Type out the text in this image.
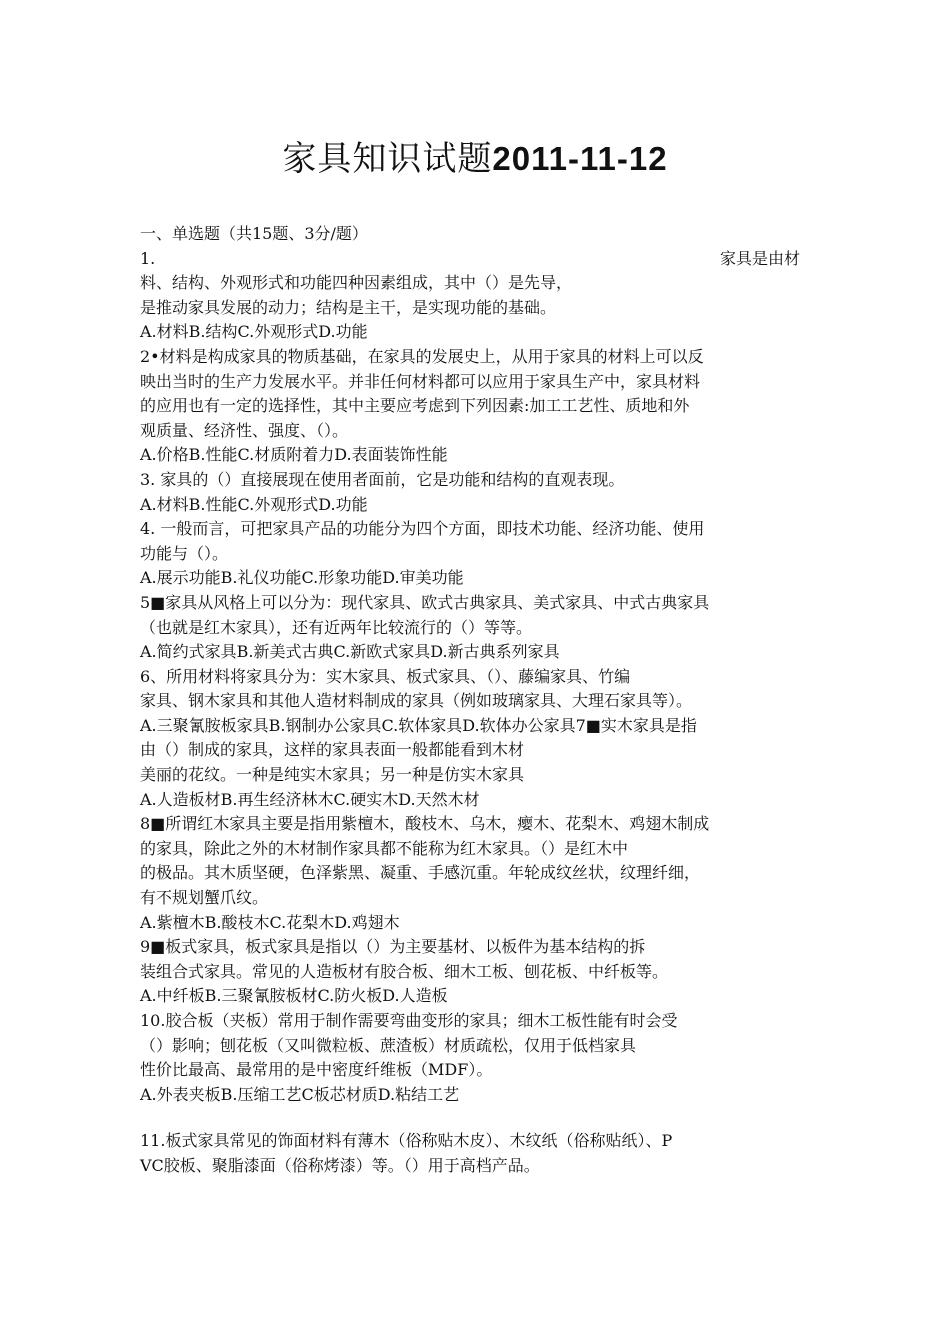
家具知识试题2011-11-12
一、单选题（共15题、3分/题）
1.	家具是由材
料、结构、外观形式和功能四种因素组成，其中（）是先导，
是推动家具发展的动力；结构是主干，是实现功能的基础。
A.材料B.结构C.外观形式D.功能
2•材料是构成家具的物质基础，在家具的发展史上，从用于家具的材料上可以反
映出当时的生产力发展水平。并非任何材料都可以应用于家具生产中，家具材料
的应用也有一定的选择性，其中主要应考虑到下列因素:加工工艺性、质地和外
观质量、经济性、强度、（）。
A.价格B.性能C.材质附着力D.表面装饰性能
3. 家具的（）直接展现在使用者面前，它是功能和结构的直观表现。
A.材料B.性能C.外观形式D.功能
4. 一般而言，可把家具产品的功能分为四个方面，即技术功能、经济功能、使用
功能与（）。
A.展示功能B.礼仪功能C.形象功能D.审美功能
5■家具从风格上可以分为：现代家具、欧式古典家具、美式家具、中式古典家具
（也就是红木家具），还有近两年比较流行的（）等等。
A.简约式家具B.新美式古典C.新欧式家具D.新古典系列家具
6、所用材料将家具分为：实木家具、板式家具、（）、藤编家具、竹编
家具、钢木家具和其他人造材料制成的家具（例如玻璃家具、大理石家具等）。
A.三聚氰胺板家具B.钢制办公家具C.软体家具D.软体办公家具7■实木家具是指
由（）制成的家具，这样的家具表面一般都能看到木材
美丽的花纹。一种是纯实木家具；另一种是仿实木家具
A.人造板材B.再生经济林木C.硬实木D.天然木材
8■所谓红木家具主要是指用紫檀木，酸枝木、乌木，瘿木、花梨木、鸡翅木制成
的家具，除此之外的木材制作家具都不能称为红木家具。（）是红木中
的极品。其木质坚硬，色泽紫黑、凝重、手感沉重。年轮成纹丝状，纹理纤细，
有不规划蟹爪纹。
A.紫檀木B.酸枝木C.花梨木D.鸡翅木
9■板式家具，板式家具是指以（）为主要基材、以板件为基本结构的拆
装组合式家具。常见的人造板材有胶合板、细木工板、刨花板、中纤板等。
A.中纤板B.三聚氰胺板材C.防火板D.人造板
10.胶合板（夹板）常用于制作需要弯曲变形的家具；细木工板性能有时会受
（）影响；刨花板（又叫微粒板、蔗渣板）材质疏松，仅用于低档家具
性价比最高、最常用的是中密度纤维板（MDF）。
A.外表夹板B.压缩工艺C板芯材质D.粘结工艺
11.板式家具常见的饰面材料有薄木（俗称贴木皮）、木纹纸（俗称贴纸）、P
VC胶板、聚脂漆面（俗称烤漆）等。（）用于高档产品。
